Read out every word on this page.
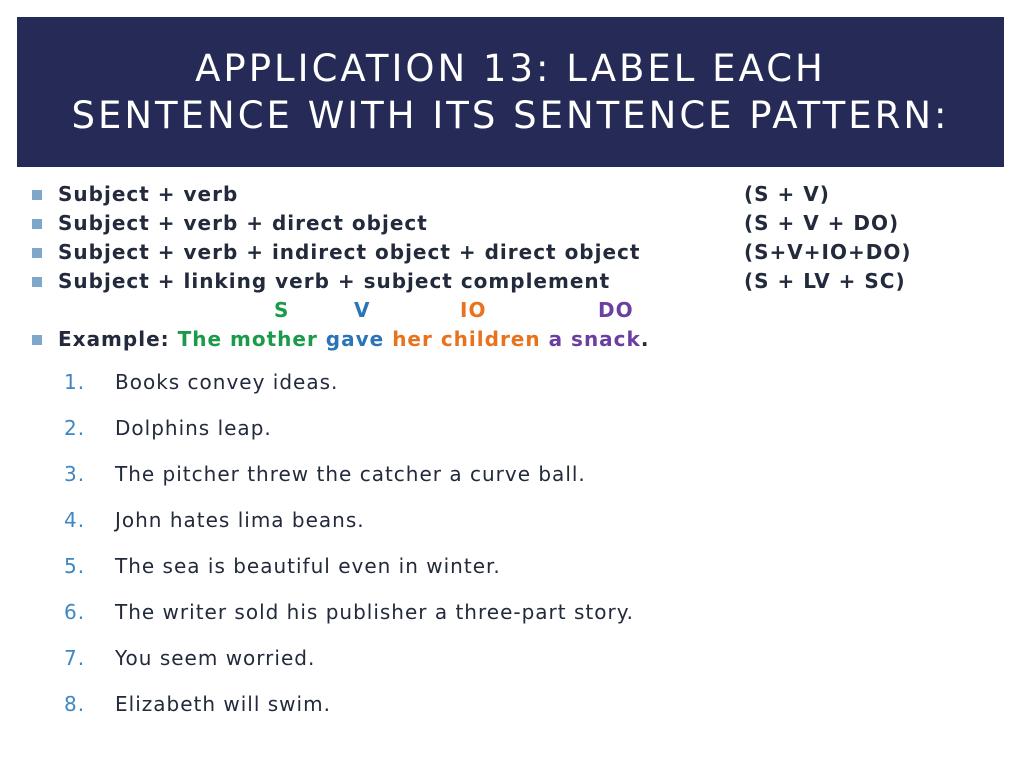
APPLICATION 13: LABEL EACH
SENTENCE WITH ITS SENTENCE PATTERN:
Subject + verb	(S + V)
Subject + verb + direct object	(S + V + DO)
Subject + verb + indirect object + direct object	(S+V+IO+DO)
Subject + linking verb + subject complement	(S + LV + SC)
S	V	IO	DO
Example: The mother gave her children a snack.
1. Books convey ideas.
2. Dolphins leap.
3. The pitcher threw the catcher a curve ball.
4. John hates lima beans.
5. The sea is beautiful even in winter.
6. The writer sold his publisher a three-part story.
7. You seem worried.
8. Elizabeth will swim.
